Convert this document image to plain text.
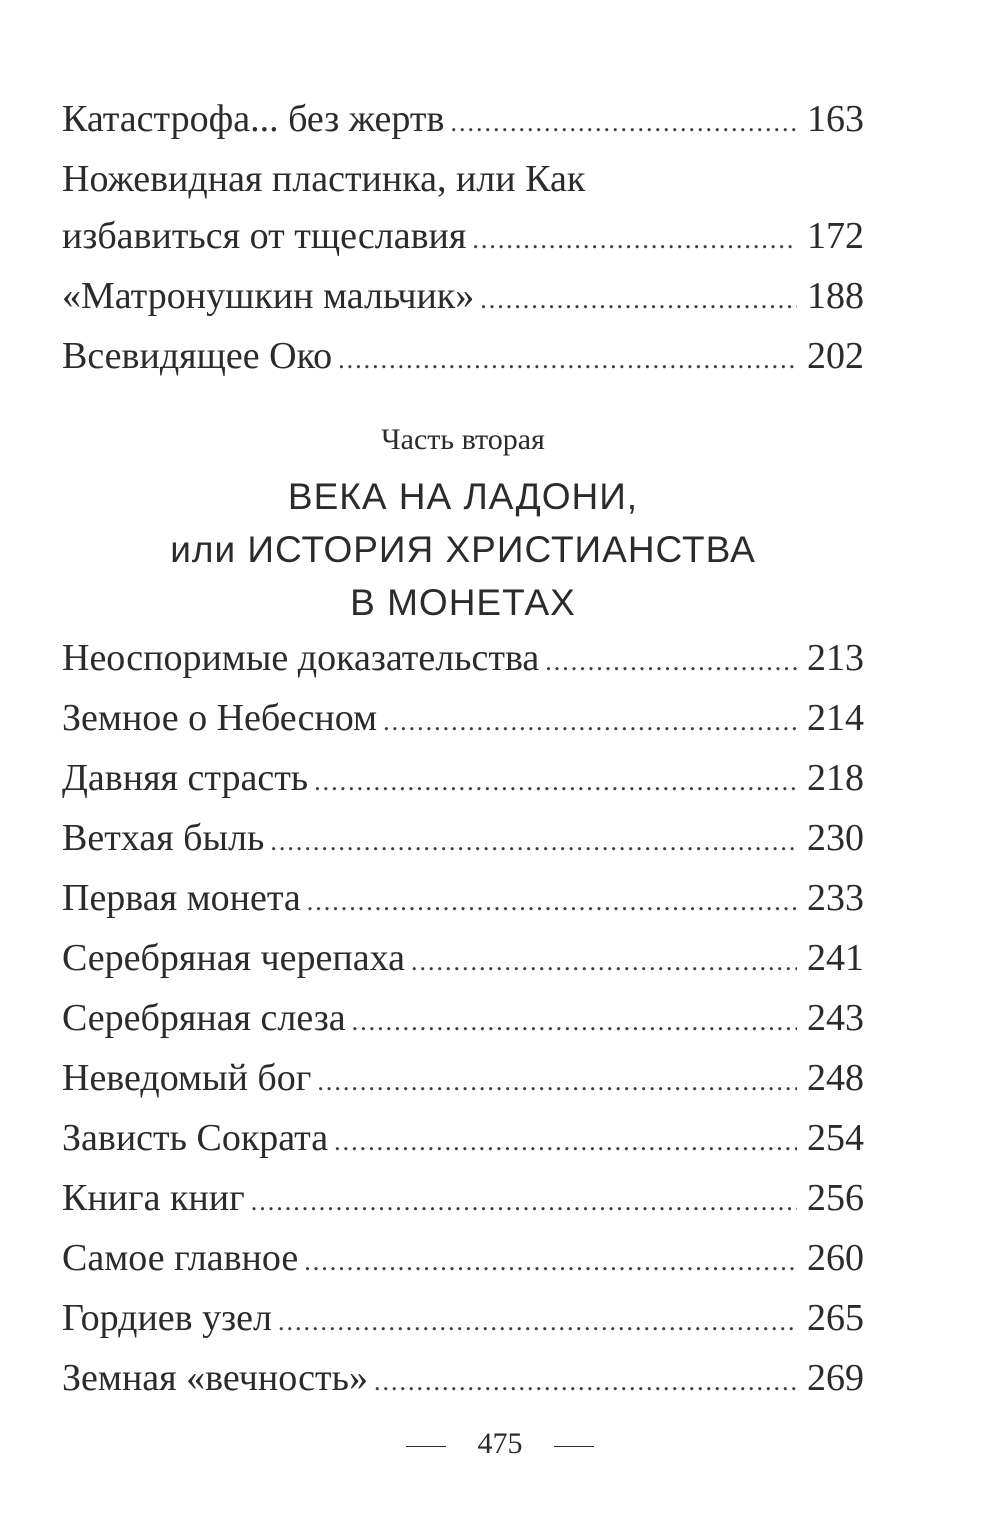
Катастрофа... без жертв .....	163
Ножевидная пластинка, или Как
избавиться от тщеславия .....	172
«Матронушкин мальчик» .....	188
Всевидящее Око .....	202
Часть вторая
ВЕКА НА ЛАДОНИ,
или ИСТОРИЯ ХРИСТИАНСТВА
В МОНЕТАХ
Неоспоримые доказательства .....	213
Земное о Небесном .....	214
Давняя страсть .....	218
Ветхая быль .....	230
Первая монета .....	233
Серебряная черепаха .....	241
Серебряная слеза .....	243
Неведомый бог .....	248
Зависть Сократа .....	254
Книга книг .....	256
Самое главное .....	260
Гордиев узел .....	265
Земная «вечность» .....	269
475
